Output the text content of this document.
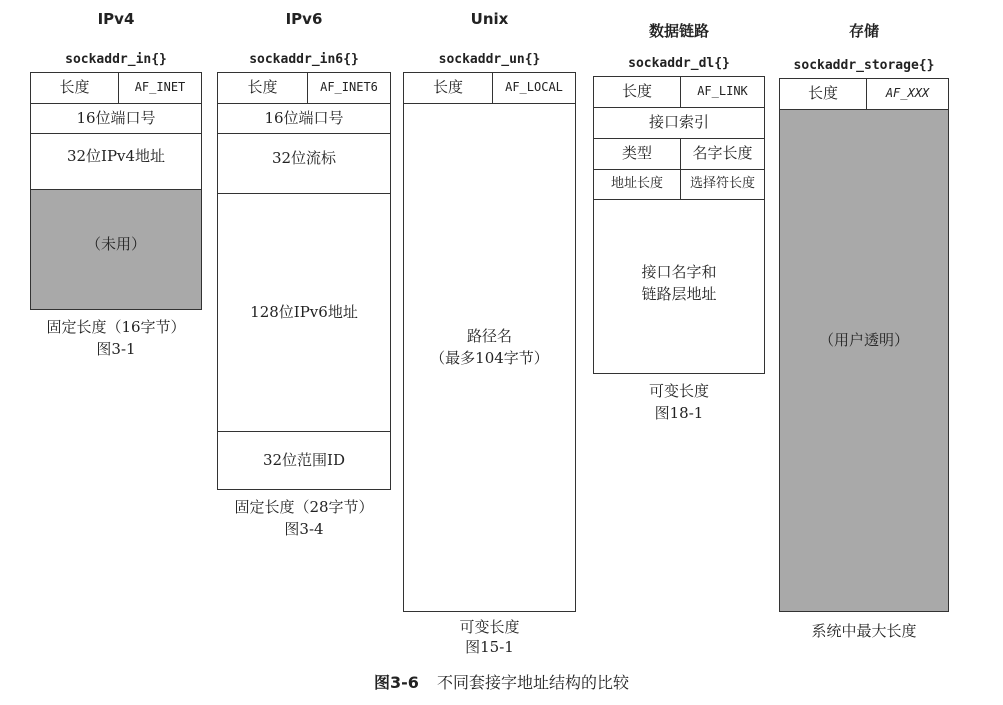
IPv4
sockaddr_in{}
长度	AF_INET
16位端口号
32位IPv4地址
（未用）
固定长度（16字节）
图3-1
IPv6
sockaddr_in6{}
长度	AF_INET6
16位端口号
32位流标
128位IPv6地址
32位范围ID
固定长度（28字节）
图3-4
Unix
sockaddr_un{}
长度	AF_LOCAL
路径名
（最多104字节）
可变长度
图15-1
数据链路
sockaddr_dl{}
长度	AF_LINK
接口索引
类型	名字长度
地址长度	选择符长度
接口名字和
链路层地址
可变长度
图18-1
存储
sockaddr_storage{}
长度	AF_XXX
（用户透明）
系统中最大长度
图3-6 不同套接字地址结构的比较
